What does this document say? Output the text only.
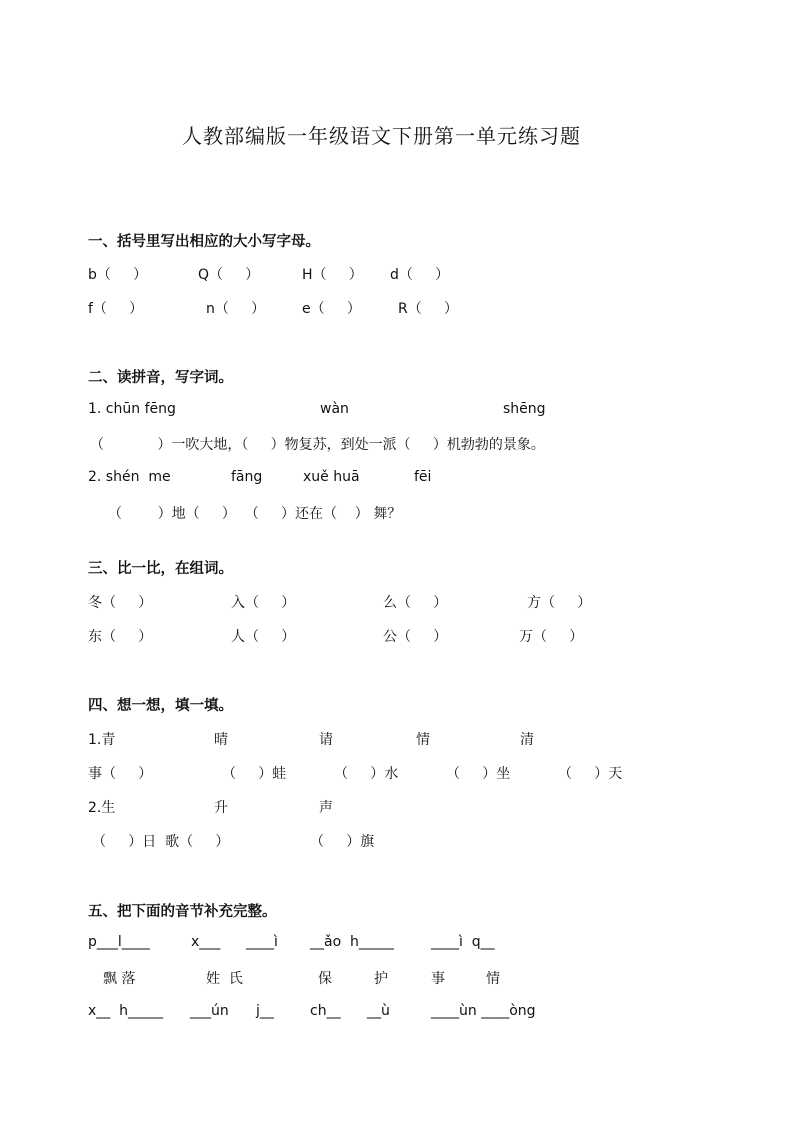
人教部编版一年级语文下册第一单元练习题
一、括号里写出相应的大小写字母。
b（     ）	Q（     ）	H（     ） d（     ）
f（     ）	n（     ）	e（     ）	R（     ）
二、读拼音，写字词。
1. chūn fēng	wàn	shēng
（            ）一吹大地，（     ）物复苏，到处一派（     ）机勃勃的景象。
2. shén  me	fāng	xuě huā	fēi
（        ）地（     ）  （     ）还在（    ） 舞？
三、比一比，在组词。
冬（     ）	入（     ）	么（     ）	方（     ）
东（     ）	人（     ）	公（     ）	万（     ）
四、想一想，填一填。
1.青	晴	请	情	清
事（     ）	（     ）蛙	（     ）水	（     ）坐	（     ）天
2.生	升	声
（     ）日  歌（     ）	（     ）旗
五、把下面的音节补充完整。
p___l____	x___ ____ì __ǎo  h_____	____ì  q__
飘 落	姓  氏	保	护	事	情
x__  h_____ ___ún j__	ch__ __ù	____ùn ____òng
